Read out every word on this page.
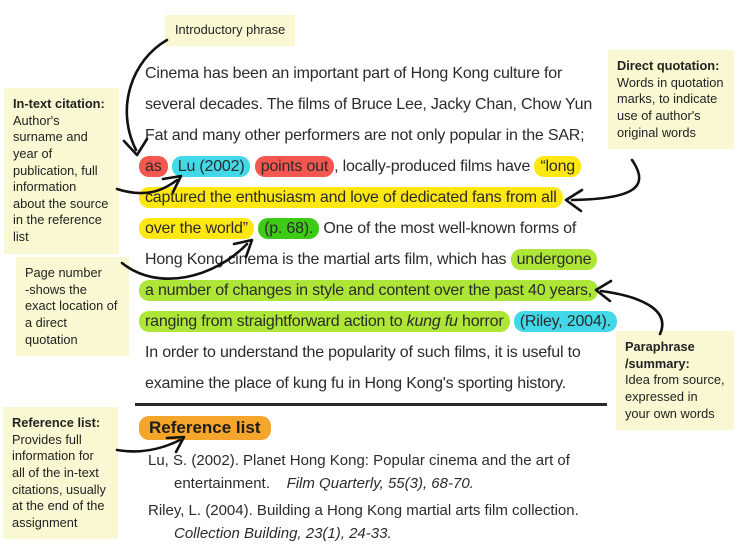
Introductory phrase
In-text citation:
Author's surname and year of publication, full information about the source in the reference list
Direct quotation:
Words in quotation marks, to indicate use of author's original words
Page number
-shows the exact location of a direct quotation	Paraphrase /summary:
Idea from source, expressed in your own words
Reference list:
Provides full information for all of the in-text citations, usually at the end of the assignment
Cinema has been an important part of Hong Kong culture for
several decades. The films of Bruce Lee, Jacky Chan, Chow Yun
Fat and many other performers are not only popular in the SAR;
as Lu (2002) points out , locally-produced films have “long
captured the enthusiasm and love of dedicated fans from all
over the world” (p. 68). One of the most well-known forms of
Hong Kong cinema is the martial arts film, which has undergone
a number of changes in style and content over the past 40 years,
ranging from straightforward action to kung fu horror (Riley, 2004).
In order to understand the popularity of such films, it is useful to
examine the place of kung fu in Hong Kong's sporting history.
Reference list
Lu, S. (2002). Planet Hong Kong: Popular cinema and the art of
entertainment.    Film Quarterly, 55(3), 68-70.
Riley, L. (2004). Building a Hong Kong martial arts film collection.
Collection Building, 23(1), 24-33.
